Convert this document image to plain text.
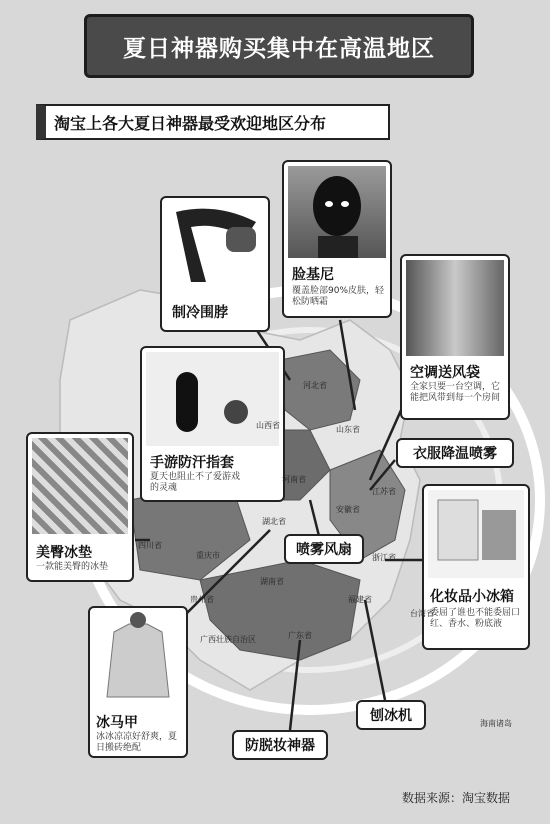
夏日神器购买集中在高温地区
淘宝上各大夏日神器最受欢迎地区分布
制冷围脖
脸基尼
覆盖脸部90%皮肤，轻松防晒霜
空调送风袋
全家只要一台空调，它能把风带到每一个房间
手游防汗指套
夏天也阻止不了爱游戏的灵魂
衣服降温喷雾
美臀冰垫
一款能美臀的冰垫
喷雾风扇
化妆品小冰箱
委屈了谁也不能委屈口红、香水、粉底液
冰马甲
冰冰凉凉好舒爽，夏日搬砖绝配
刨冰机
防脱妆神器
河北省
山西省	山东省
河南省
江苏省
安徽省
湖北省
浙江省
重庆市
四川省
湖南省
贵州省	福建省
广西壮族自治区	广东省
台湾省
海南诸岛
数据来源：淘宝数据
